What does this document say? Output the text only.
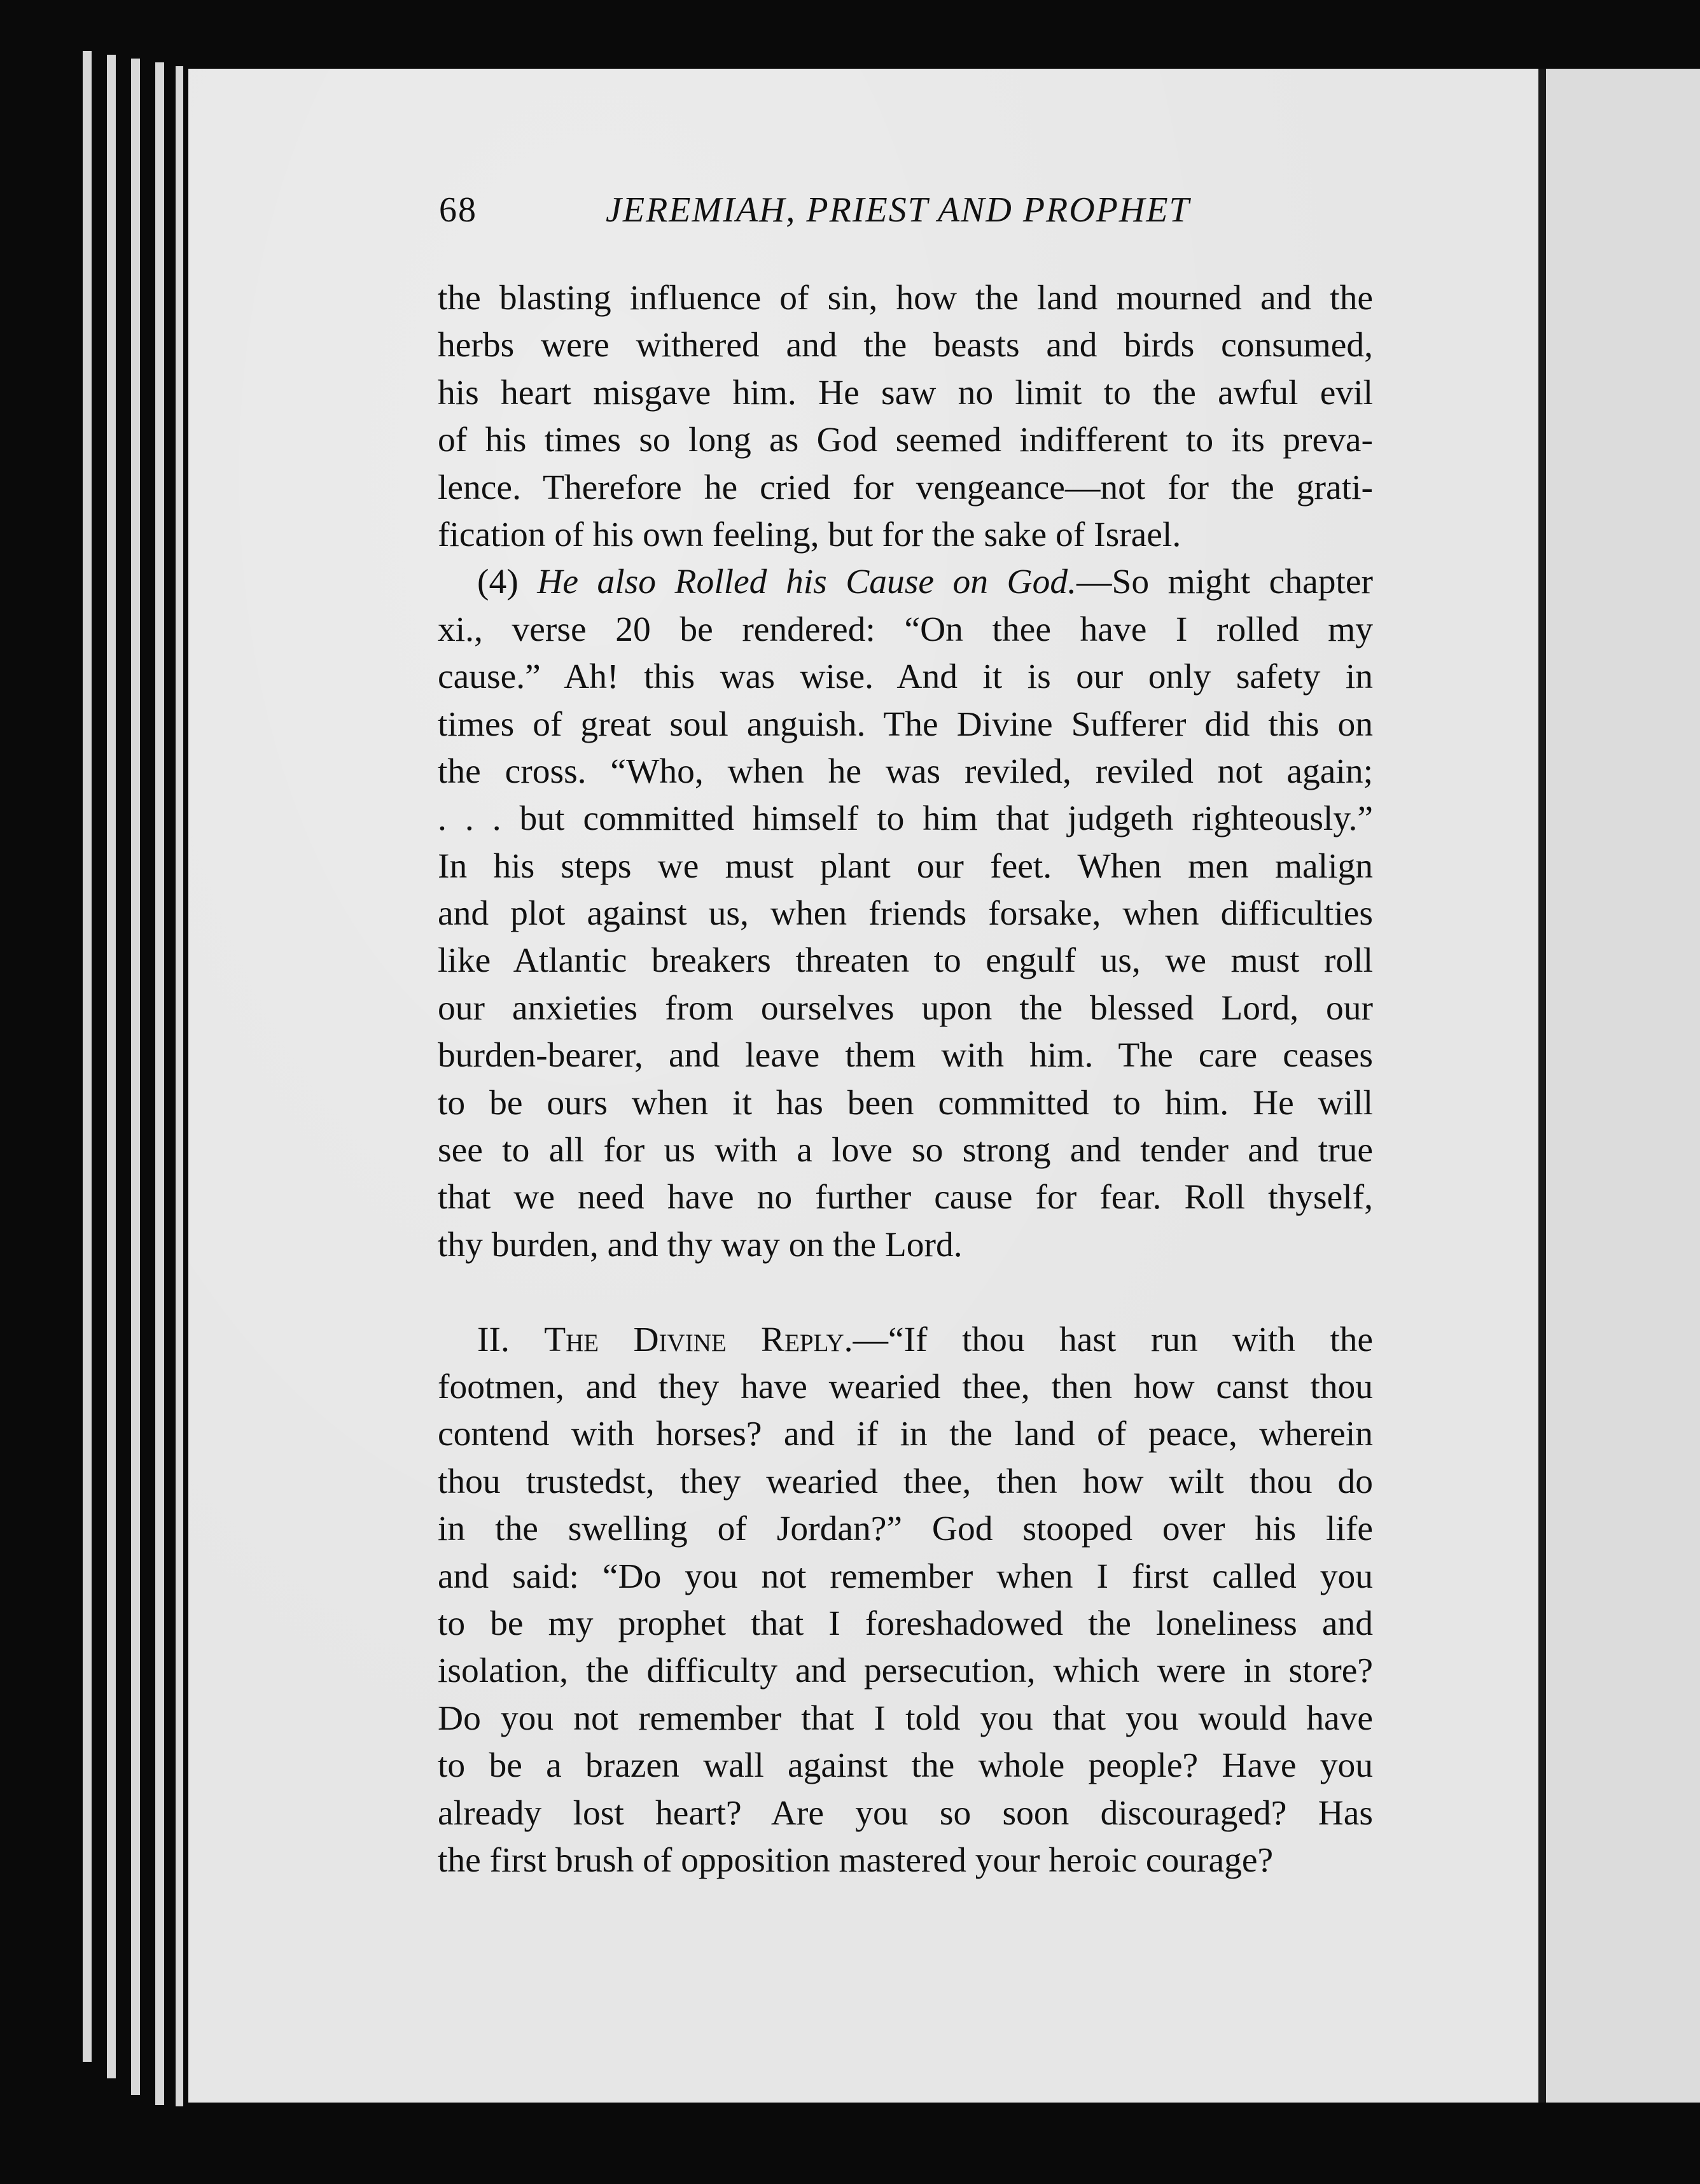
68	JEREMIAH, PRIEST AND PROPHET
the blasting influence of sin, how the land mourned and the
herbs were withered and the beasts and birds consumed,
his heart misgave him. He saw no limit to the awful evil
of his times so long as God seemed indifferent to its preva-
lence. Therefore he cried for vengeance—not for the grati-
fication of his own feeling, but for the sake of Israel.
(4) He also Rolled his Cause on God.—So might chapter
xi., verse 20 be rendered: “On thee have I rolled my
cause.” Ah! this was wise. And it is our only safety in
times of great soul anguish. The Divine Sufferer did this on
the cross. “Who, when he was reviled, reviled not again;
. . . but committed himself to him that judgeth righteously.”
In his steps we must plant our feet. When men malign
and plot against us, when friends forsake, when difficulties
like Atlantic breakers threaten to engulf us, we must roll
our anxieties from ourselves upon the blessed Lord, our
burden-bearer, and leave them with him. The care ceases
to be ours when it has been committed to him. He will
see to all for us with a love so strong and tender and true
that we need have no further cause for fear. Roll thyself,
thy burden, and thy way on the Lord.
II. The Divine Reply.—“If thou hast run with the
footmen, and they have wearied thee, then how canst thou
contend with horses? and if in the land of peace, wherein
thou trustedst, they wearied thee, then how wilt thou do
in the swelling of Jordan?” God stooped over his life
and said: “Do you not remember when I first called you
to be my prophet that I foreshadowed the loneliness and
isolation, the difficulty and persecution, which were in store?
Do you not remember that I told you that you would have
to be a brazen wall against the whole people? Have you
already lost heart? Are you so soon discouraged? Has
the first brush of opposition mastered your heroic courage?
